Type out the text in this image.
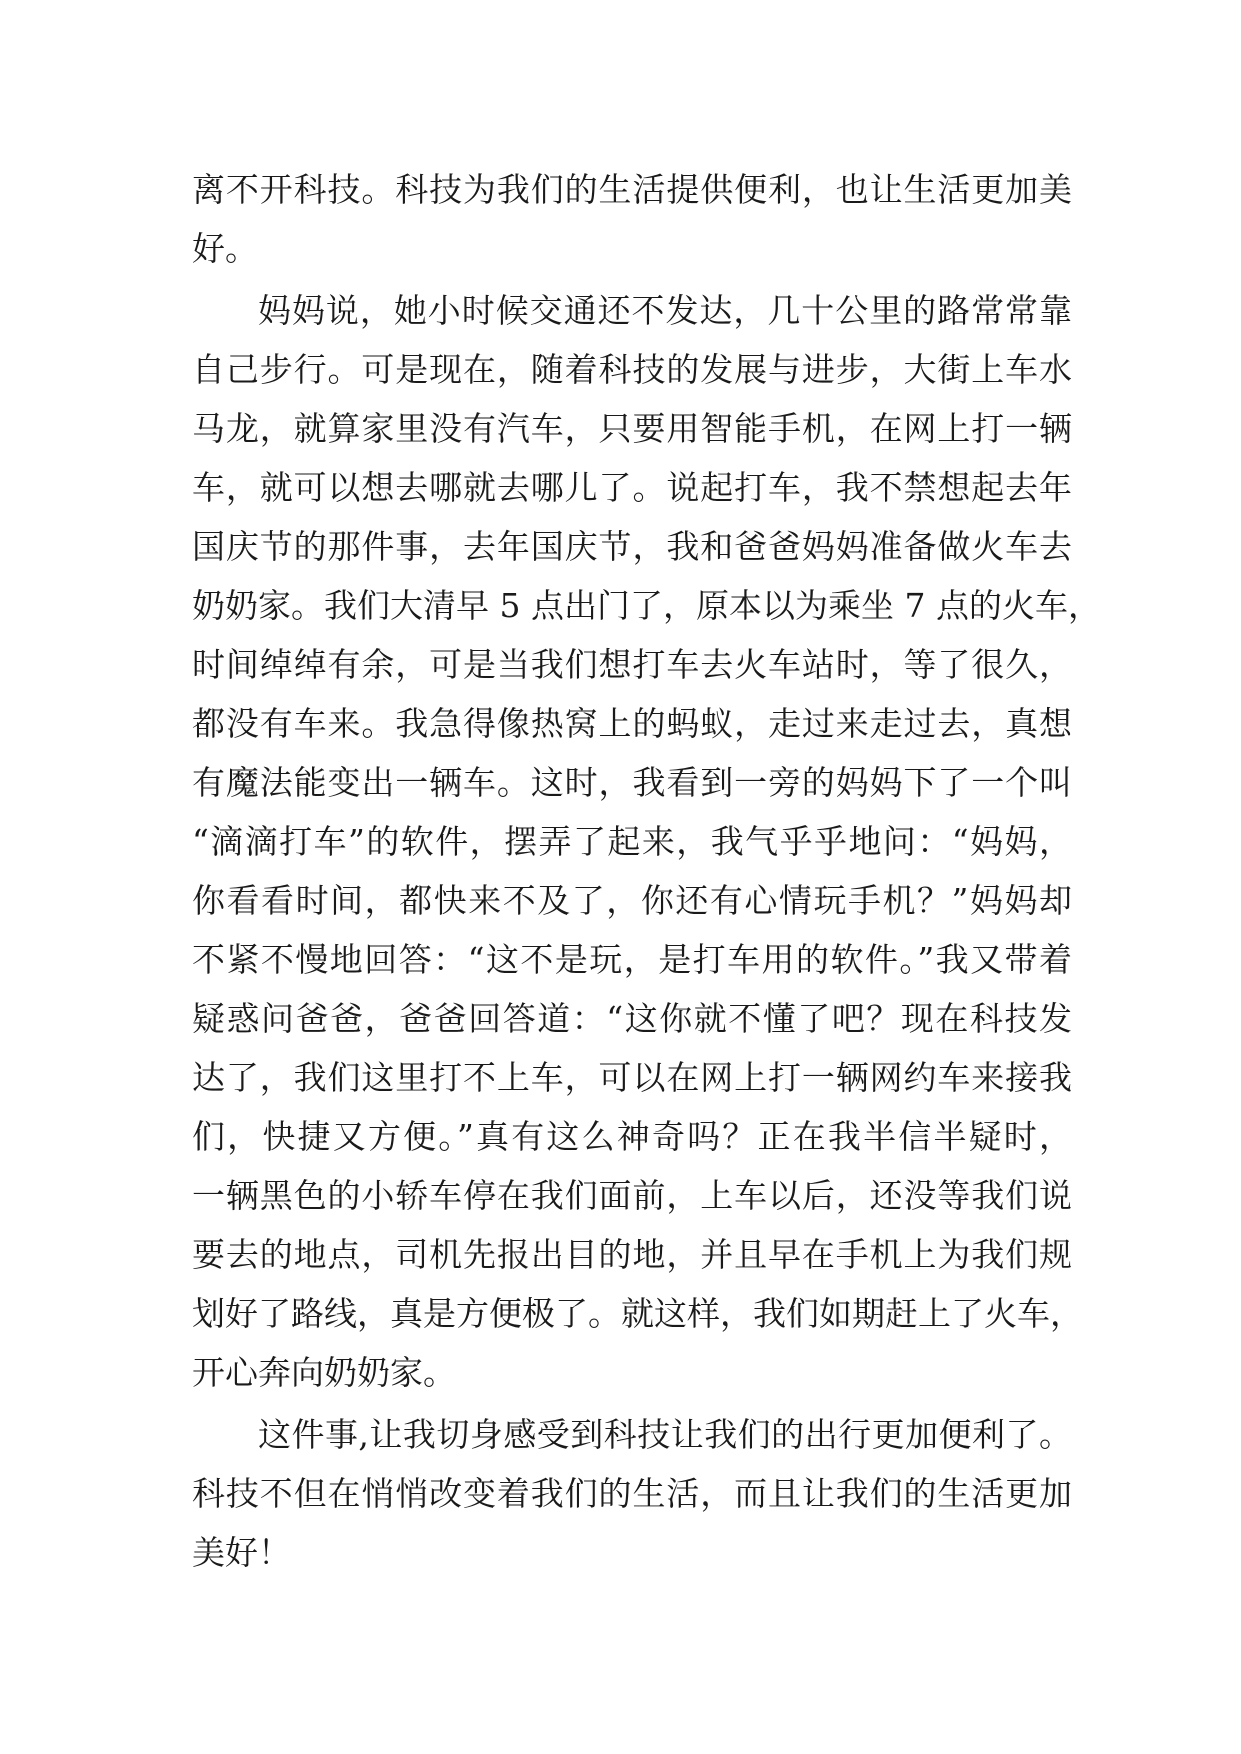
离不开科技。科技为我们的生活提供便利，也让生活更加美
好。
妈妈说，她小时候交通还不发达，几十公里的路常常靠
自己步行。可是现在，随着科技的发展与进步，大街上车水
马龙，就算家里没有汽车，只要用智能手机，在网上打一辆
车，就可以想去哪就去哪儿了。说起打车，我不禁想起去年
国庆节的那件事，去年国庆节，我和爸爸妈妈准备做火车去
奶奶家。我们大清早 5 点出门了，原本以为乘坐 7 点的火车，
时间绰绰有余，可是当我们想打车去火车站时，等了很久，
都没有车来。我急得像热窝上的蚂蚁，走过来走过去，真想
有魔法能变出一辆车。这时，我看到一旁的妈妈下了一个叫
“滴滴打车”的软件，摆弄了起来，我气乎乎地问：“妈妈，
你看看时间，都快来不及了，你还有心情玩手机？”妈妈却
不紧不慢地回答：“这不是玩，是打车用的软件。”我又带着
疑惑问爸爸，爸爸回答道：“这你就不懂了吧？现在科技发
达了，我们这里打不上车，可以在网上打一辆网约车来接我
们，快捷又方便。”真有这么神奇吗？正在我半信半疑时，
一辆黑色的小轿车停在我们面前，上车以后，还没等我们说
要去的地点，司机先报出目的地，并且早在手机上为我们规
划好了路线，真是方便极了。就这样，我们如期赶上了火车，
开心奔向奶奶家。
这件事,让我切身感受到科技让我们的出行更加便利了。
科技不但在悄悄改变着我们的生活，而且让我们的生活更加
美好！
